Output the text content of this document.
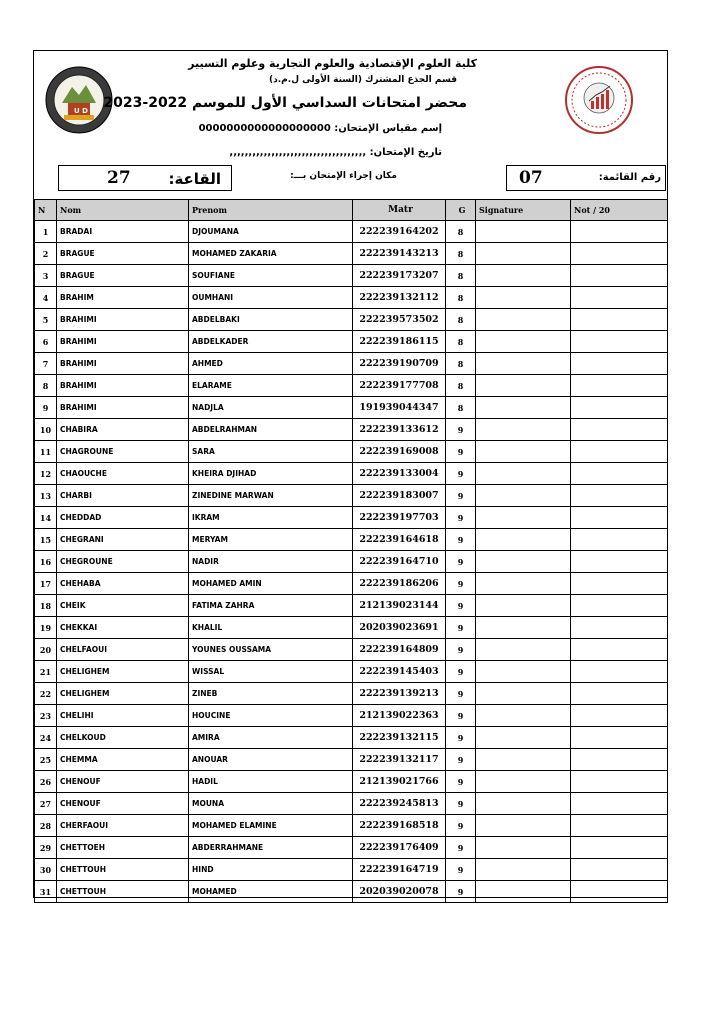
U D
كلية العلوم الإقتصادية والعلوم التجارية وعلوم التسيير
قسم الجذع المشترك (السنة الأولى ل.م.د)
محضر امتحانات السداسي الأول للموسم 2022-2023
إسم مقياس الإمتحان: 0000000000000000000
تاريخ الإمتحان: ,,,,,,,,,,,,,,,,,,,,,,,,,,,,,,,,,,,,
القاعة:
27	مكان إجراء الإمتحان بـــ:	رقم القائمة:
07
N	Nom	Prenom	Matr	G	Signature	Not / 20
1	BRADAI	DJOUMANA	222239164202	8		
2	BRAGUE	MOHAMED ZAKARIA	222239143213	8		
3	BRAGUE	SOUFIANE	222239173207	8		
4	BRAHIM	OUMHANI	222239132112	8		
5	BRAHIMI	ABDELBAKI	222239573502	8		
6	BRAHIMI	ABDELKADER	222239186115	8		
7	BRAHIMI	AHMED	222239190709	8		
8	BRAHIMI	ELARAME	222239177708	8		
9	BRAHIMI	NADJLA	191939044347	8		
10	CHABIRA	ABDELRAHMAN	222239133612	9		
11	CHAGROUNE	SARA	222239169008	9		
12	CHAOUCHE	KHEIRA DJIHAD	222239133004	9		
13	CHARBI	ZINEDINE MARWAN	222239183007	9		
14	CHEDDAD	IKRAM	222239197703	9		
15	CHEGRANI	MERYAM	222239164618	9		
16	CHEGROUNE	NADIR	222239164710	9		
17	CHEHABA	MOHAMED AMIN	222239186206	9		
18	CHEIK	FATIMA ZAHRA	212139023144	9		
19	CHEKKAI	KHALIL	202039023691	9		
20	CHELFAOUI	YOUNES OUSSAMA	222239164809	9		
21	CHELIGHEM	WISSAL	222239145403	9		
22	CHELIGHEM	ZINEB	222239139213	9		
23	CHELIHI	HOUCINE	212139022363	9		
24	CHELKOUD	AMIRA	222239132115	9		
25	CHEMMA	ANOUAR	222239132117	9		
26	CHENOUF	HADIL	212139021766	9		
27	CHENOUF	MOUNA	222239245813	9		
28	CHERFAOUI	MOHAMED ELAMINE	222239168518	9		
29	CHETTOEH	ABDERRAHMANE	222239176409	9		
30	CHETTOUH	HIND	222239164719	9		
31	CHETTOUH	MOHAMED	202039020078	9		
